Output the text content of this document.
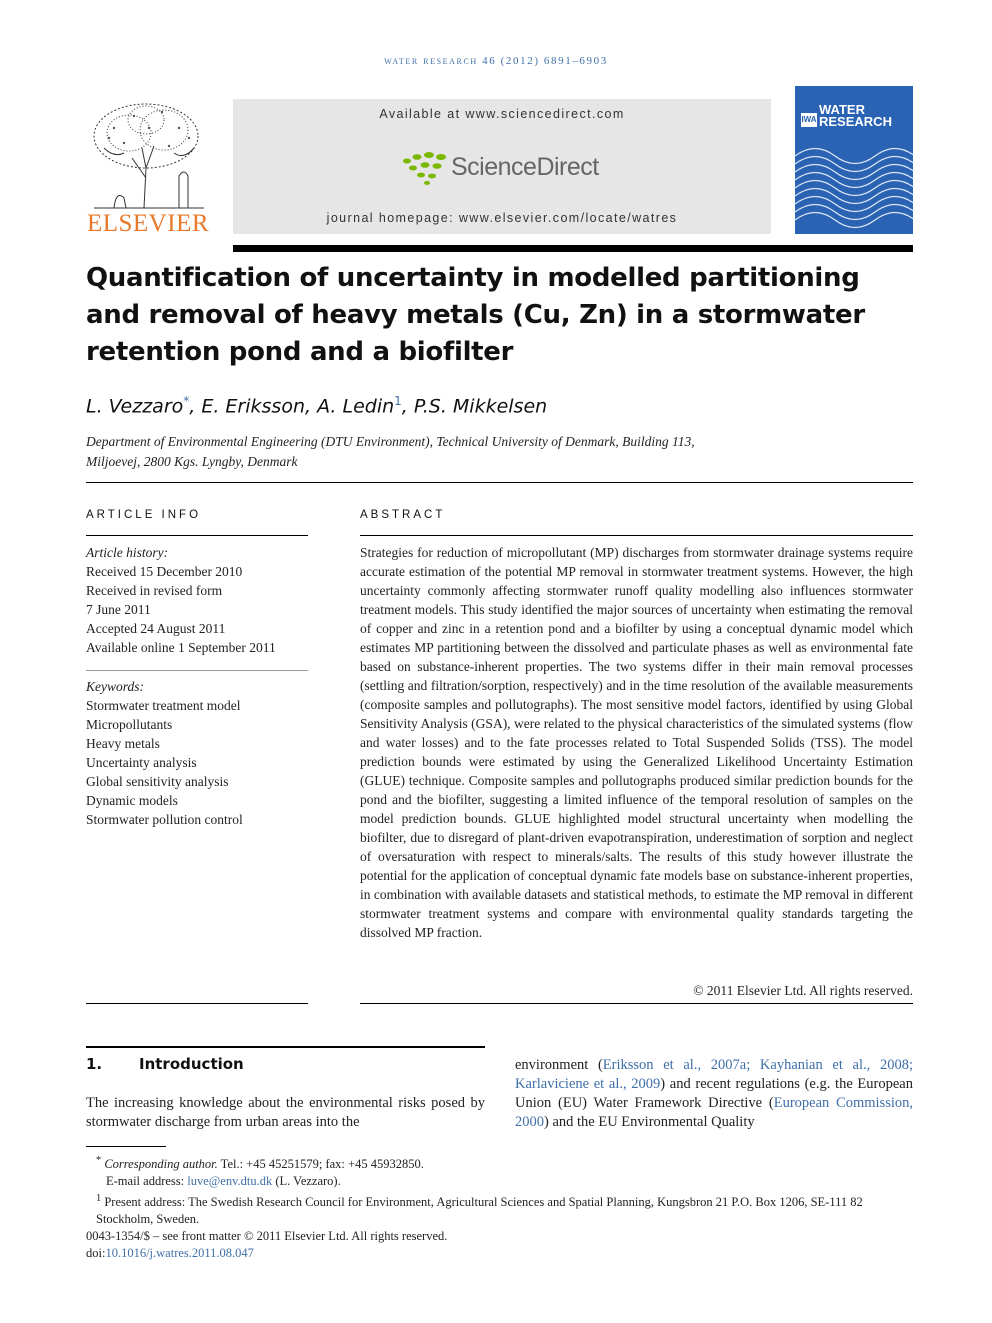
water research 46 (2012) 6891–6903
ELSEVIER
Available at www.sciencedirect.com
ScienceDirect
journal homepage: www.elsevier.com/locate/watres
IWA
WATER
RESEARCH
Quantification of uncertainty in modelled partitioning and removal of heavy metals (Cu, Zn) in a stormwater retention pond and a biofilter
L. Vezzaro*, E. Eriksson, A. Ledin$^1$, P.S. Mikkelsen
Department of Environmental Engineering (DTU Environment), Technical University of Denmark, Building 113,
Miljoevej, 2800 Kgs. Lyngby, Denmark
ARTICLE INFO
Article history:
Received 15 December 2010
Received in revised form
7 June 2011
Accepted 24 August 2011
Available online 1 September 2011
Keywords:
Stormwater treatment model
Micropollutants
Heavy metals
Uncertainty analysis
Global sensitivity analysis
Dynamic models
Stormwater pollution control
ABSTRACT
Strategies for reduction of micropollutant (MP) discharges from stormwater drainage systems require accurate estimation of the potential MP removal in stormwater treatment systems. However, the high uncertainty commonly affecting stormwater runoff quality modelling also influences stormwater treatment models. This study identified the major sources of uncertainty when estimating the removal of copper and zinc in a retention pond and a biofilter by using a conceptual dynamic model which estimates MP partitioning between the dissolved and particulate phases as well as environmental fate based on substance-inherent properties. The two systems differ in their main removal processes (settling and filtration/sorption, respectively) and in the time resolution of the available measurements (composite samples and pollutographs). The most sensitive model factors, identified by using Global Sensitivity Analysis (GSA), were related to the physical characteristics of the simulated systems (flow and water losses) and to the fate processes related to Total Suspended Solids (TSS). The model prediction bounds were estimated by using the Generalized Likelihood Uncertainty Estimation (GLUE) technique. Composite samples and pollutographs produced similar prediction bounds for the pond and the biofilter, suggesting a limited influence of the temporal resolution of samples on the model prediction bounds. GLUE highlighted model structural uncertainty when modelling the biofilter, due to disregard of plant-driven evapotranspiration, underestimation of sorption and neglect of oversaturation with respect to minerals/salts. The results of this study however illustrate the potential for the application of conceptual dynamic fate models base on substance-inherent properties, in combination with available datasets and statistical methods, to estimate the MP removal in different stormwater treatment systems and compare with environmental quality standards targeting the dissolved MP fraction.
© 2011 Elsevier Ltd. All rights reserved.
1. Introduction
The increasing knowledge about the environmental risks posed by stormwater discharge from urban areas into the
environment (Eriksson et al., 2007a; Kayhanian et al., 2008; Karlaviciene et al., 2009) and recent regulations (e.g. the European Union (EU) Water Framework Directive (European Commission, 2000) and the EU Environmental Quality
* Corresponding author. Tel.: +45 45251579; fax: +45 45932850.
E-mail address: luve@env.dtu.dk (L. Vezzaro).
$^1$ Present address: The Swedish Research Council for Environment, Agricultural Sciences and Spatial Planning, Kungsbron 21 P.O. Box 1206, SE-111 82 Stockholm, Sweden.
0043-1354/$ – see front matter © 2011 Elsevier Ltd. All rights reserved.
doi:10.1016/j.watres.2011.08.047
